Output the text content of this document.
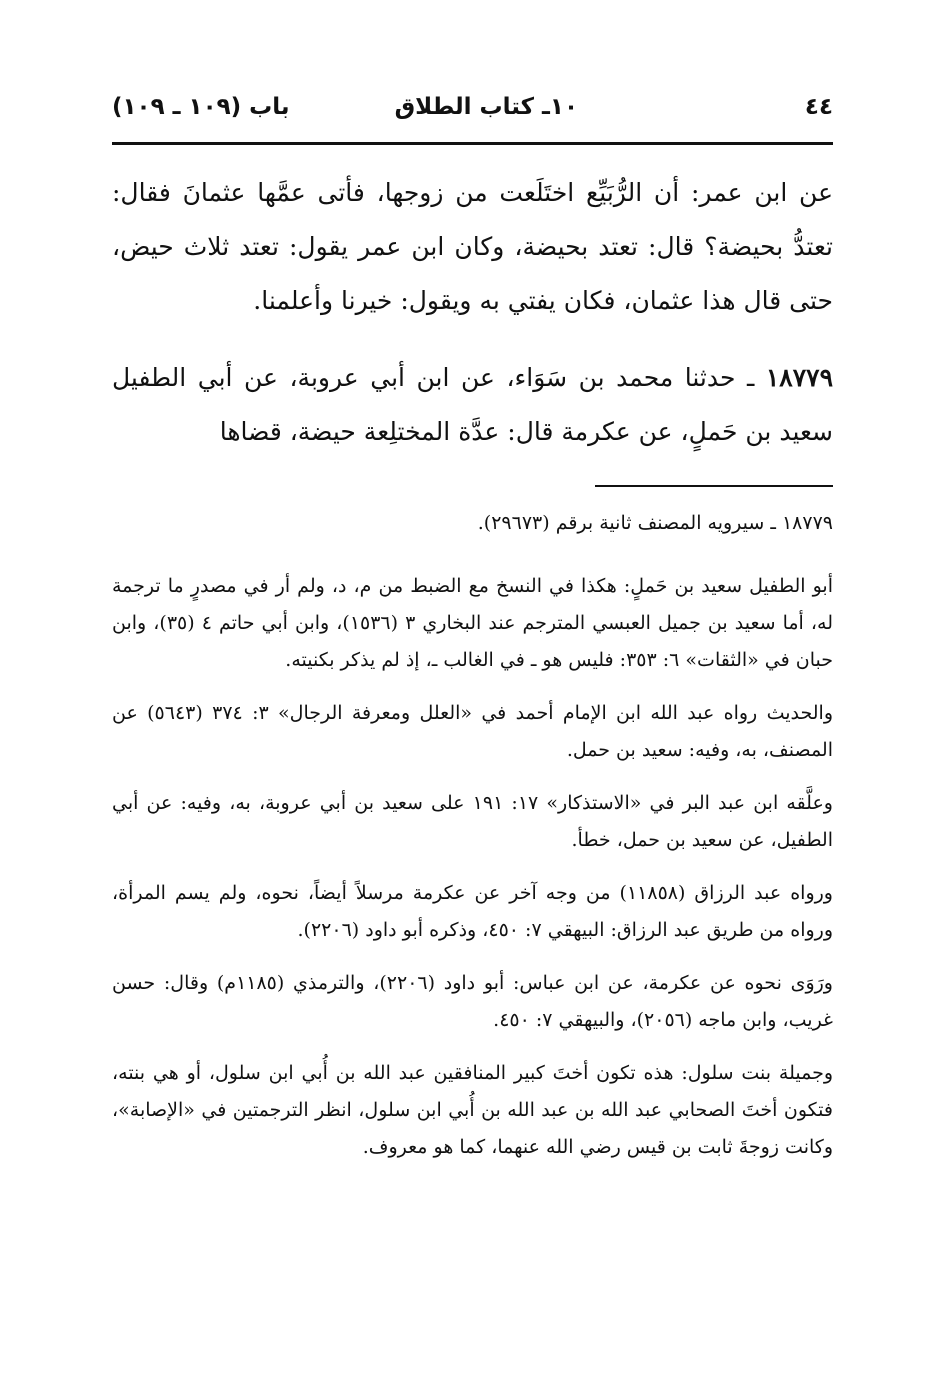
٤٤
١٠ـ كتاب الطلاق
باب (١٠٩ ـ ١٠٩)

عن ابن عمر: أن الرُّبَيِّع اختَلَعت من زوجها، فأتى عمَّها عثمانَ فقال: تعتدُّ بحيضة؟ قال: تعتد بحيضة، وكان ابن عمر يقول: تعتد ثلاث حيض، حتى قال هذا عثمان، فكان يفتي به ويقول: خيرنا وأعلمنا.

١٨٧٧٩ ـ حدثنا محمد بن سَوَاء، عن ابن أبي عروبة، عن أبي الطفيل سعيد بن حَملٍ، عن عكرمة قال: عدَّة المختلِعة حيضة، قضاها

١٨٧٧٩ ـ سيرويه المصنف ثانية برقم (٢٩٦٧٣).

أبو الطفيل سعيد بن حَملٍ: هكذا في النسخ مع الضبط من م، د، ولم أر في مصدرٍ ما ترجمة له، أما سعيد بن جميل العبسي المترجم عند البخاري ٣ (١٥٣٦)، وابن أبي حاتم ٤ (٣٥)، وابن حبان في «الثقات» ٦: ٣٥٣: فليس هو ـ في الغالب ـ، إذ لم يذكر بكنيته.

والحديث رواه عبد الله ابن الإمام أحمد في «العلل ومعرفة الرجال» ٣: ٣٧٤ (٥٦٤٣) عن المصنف، به، وفيه: سعيد بن حمل.

وعلَّقه ابن عبد البر في «الاستذكار» ١٧: ١٩١ على سعيد بن أبي عروبة، به، وفيه: عن أبي الطفيل، عن سعيد بن حمل، خطأ.

ورواه عبد الرزاق (١١٨٥٨) من وجه آخر عن عكرمة مرسلاً أيضاً، نحوه، ولم يسم المرأة، ورواه من طريق عبد الرزاق: البيهقي ٧: ٤٥٠، وذكره أبو داود (٢٢٠٦).

ورَوَى نحوه عن عكرمة، عن ابن عباس: أبو داود (٢٢٠٦)، والترمذي (١١٨٥م) وقال: حسن غريب، وابن ماجه (٢٠٥٦)، والبيهقي ٧: ٤٥٠.

وجميلة بنت سلول: هذه تكون أختَ كبير المنافقين عبد الله بن أُبي ابن سلول، أو هي بنته، فتكون أختَ الصحابي عبد الله بن عبد الله بن أُبي ابن سلول، انظر الترجمتين في «الإصابة»، وكانت زوجةَ ثابت بن قيس رضي الله عنهما، كما هو معروف.
